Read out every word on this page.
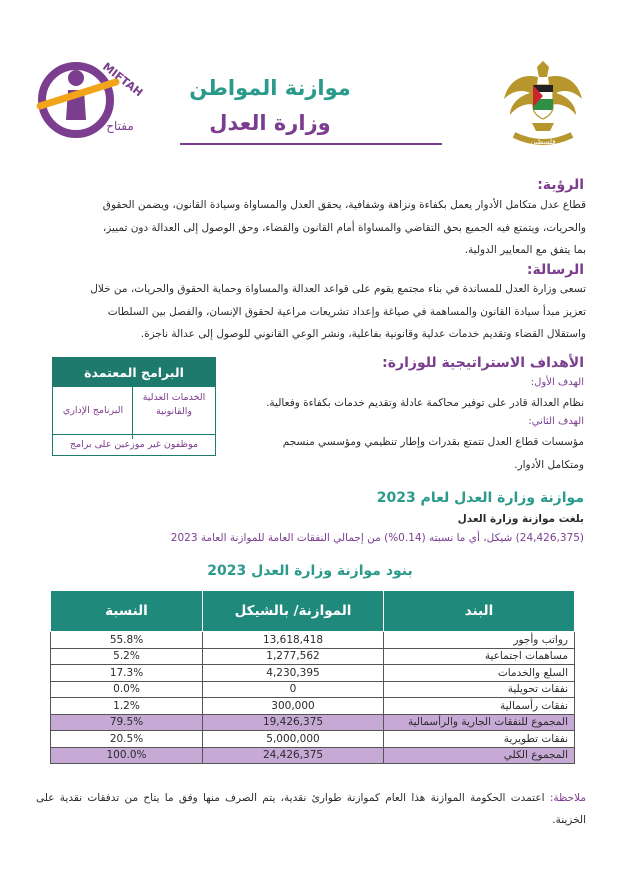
فلسطين
MIFTAH
مفتاح
موازنة المواطن
وزارة العدل
الرؤية:
قطاع عدل متكامل الأدوار يعمل بكفاءة ونزاهة وشفافية، يحقق العدل والمساواة وسيادة القانون، ويضمن الحقوق
والحريات، ويتمتع فيه الجميع بحق التقاضي والمساواة أمام القانون والقضاء، وحق الوصول إلى العدالة دون تمييز،
بما يتفق مع المعايير الدولية.
الرسالة:
تسعى وزارة العدل للمساندة في بناء مجتمع يقوم على قواعد العدالة والمساواة وحماية الحقوق والحريات، من خلال
تعزيز مبدأ سيادة القانون والمساهمة في صياغة وإعداد تشريعات مراعية لحقوق الإنسان، والفصل بين السلطات
واستقلال القضاء وتقديم خدمات عدلية وقانونية بفاعلية، ونشر الوعي القانوني للوصول إلى عدالة ناجزة.
الأهداف الاستراتيجية للوزارة:
الهدف الأول:
نظام العدالة قادر على توفير محاكمة عادلة وتقديم خدمات بكفاءة وفعالية.
الهدف الثاني:
مؤسسات قطاع العدل تتمتع بقدرات وإطار تنظيمي ومؤسسي منسجم
ومتكامل الأدوار.
البرامج المعتمدة
الخدمات العدلية والقانونية
البرنامج الإداري
موظفون غير موزعين على برامج
موازنة وزارة العدل لعام 2023
بلغت موازنة وزارة العدل
(24,426,375) شيكل، أي ما نسبته (0.14%) من إجمالي النفقات العامة للموازنة العامة 2023
بنود موازنة وزارة العدل 2023
البند	الموازنة/ بالشيكل	النسبة
رواتب وأجور	13,618,418	55.8%
مساهمات اجتماعية	1,277,562	5.2%
السلع والخدمات	4,230,395	17.3%
نفقات تحويلية	0	0.0%
نفقات رأسمالية	300,000	1.2%
المجموع للنفقات الجارية والرأسمالية	19,426,375	79.5%
نفقات تطويرية	5,000,000	20.5%
المجموع الكلي	24,426,375	100.0%
ملاحظة: اعتمدت الحكومة الموازنة هذا العام كموازنة طوارئ نقدية، يتم الصرف منها وفق ما يتاح من تدفقات نقدية على الخزينة.
